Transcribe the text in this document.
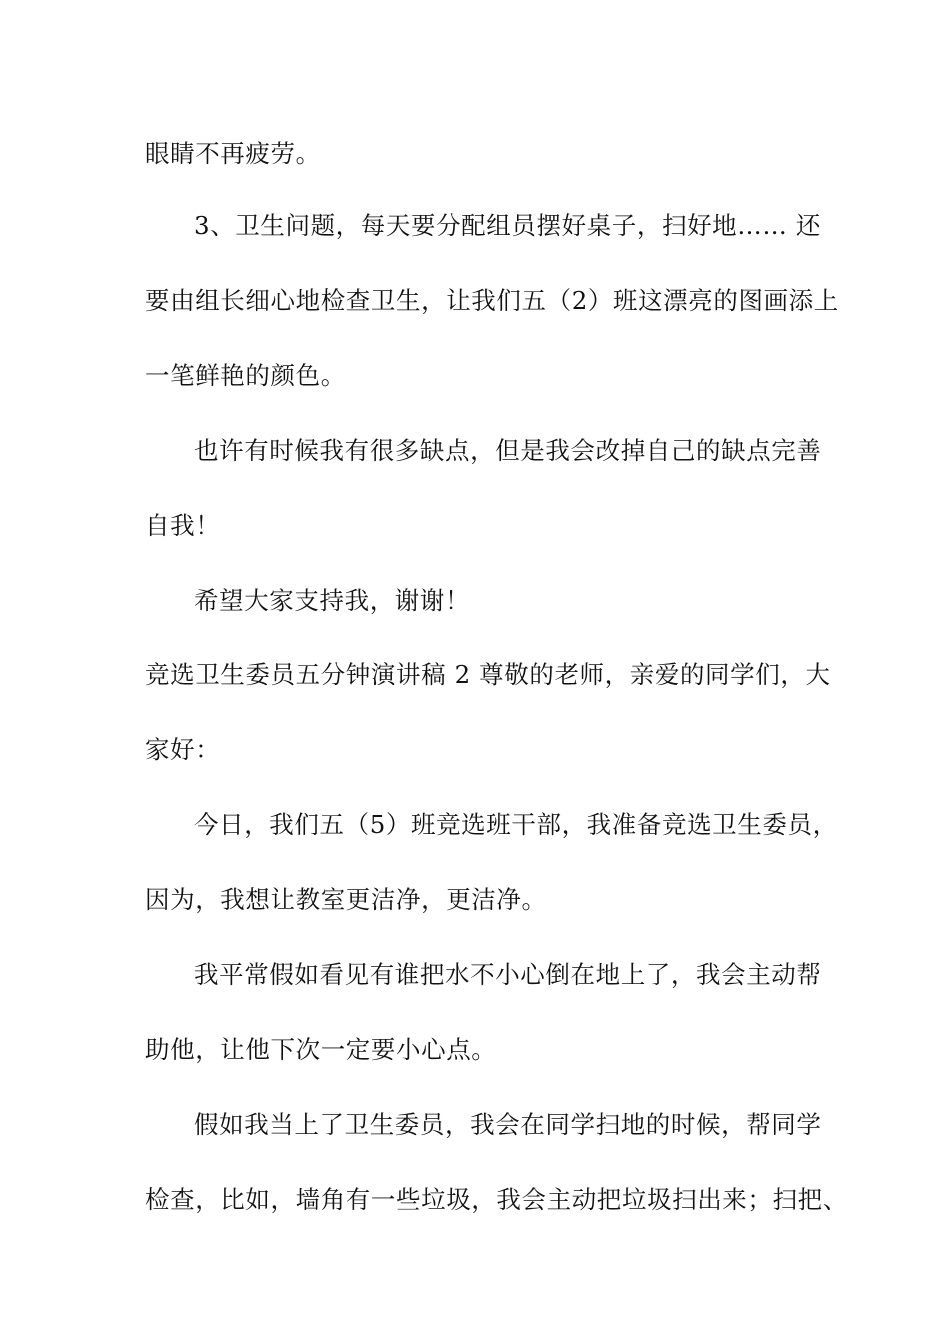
眼睛不再疲劳。
3、卫生问题，每天要分配组员摆好桌子，扫好地…… 还
要由组长细心地检查卫生，让我们五（2）班这漂亮的图画添上
一笔鲜艳的颜色。
也许有时候我有很多缺点，但是我会改掉自己的缺点完善
自我！
希望大家支持我，谢谢！
竞选卫生委员五分钟演讲稿 2 尊敬的老师，亲爱的同学们，大
家好：
今日，我们五（5）班竞选班干部，我准备竞选卫生委员，
因为，我想让教室更洁净，更洁净。
我平常假如看见有谁把水不小心倒在地上了，我会主动帮
助他，让他下次一定要小心点。
假如我当上了卫生委员，我会在同学扫地的时候，帮同学
检查，比如，墙角有一些垃圾，我会主动把垃圾扫出来；扫把、
